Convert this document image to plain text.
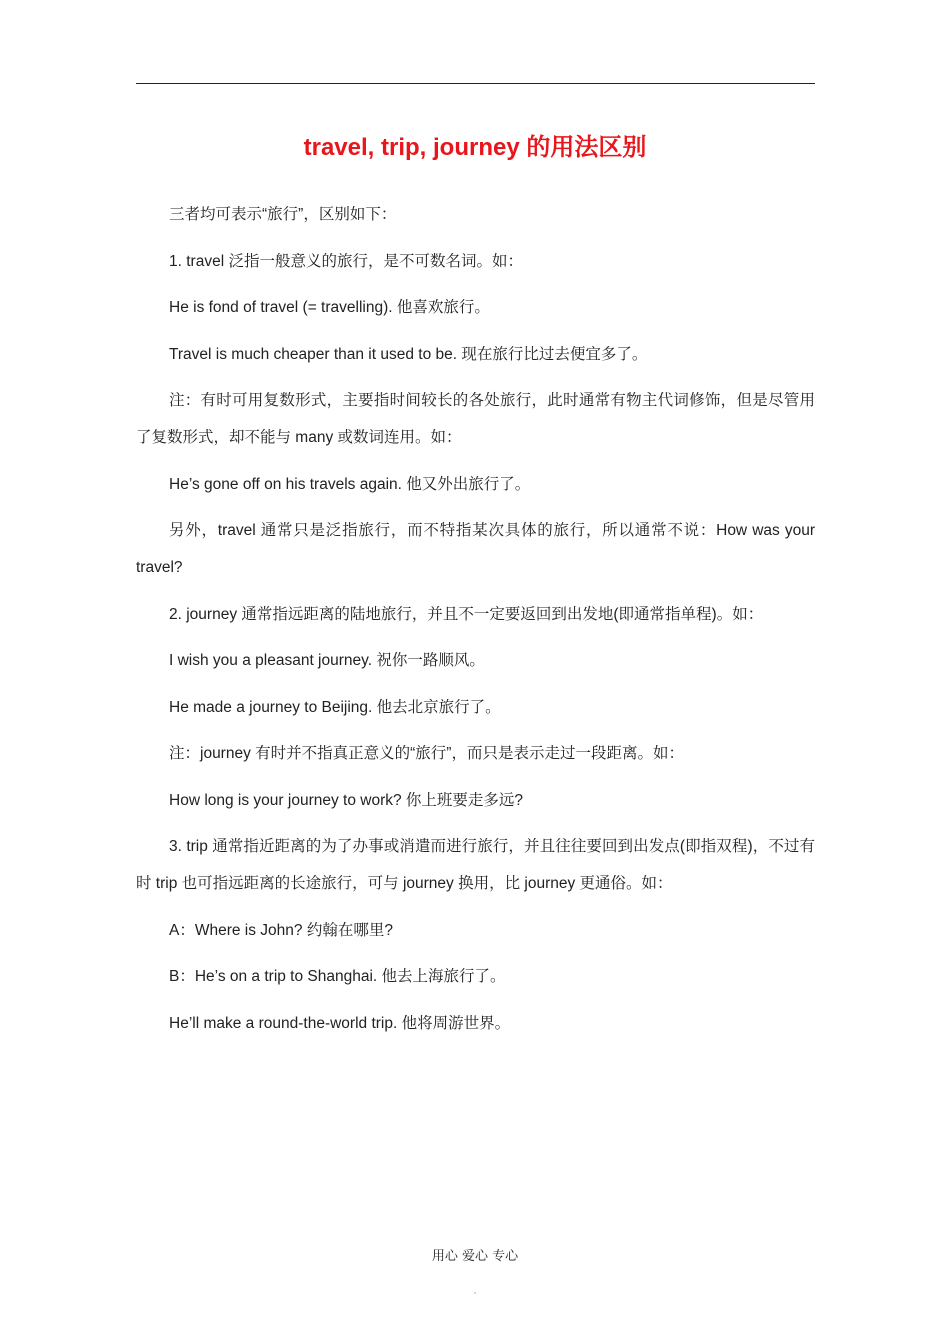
travel, trip, journey 的用法区别

三者均可表示“旅行”，区别如下：

1. travel 泛指一般意义的旅行，是不可数名词。如：

He is fond of travel (= travelling). 他喜欢旅行。

Travel is much cheaper than it used to be. 现在旅行比过去便宜多了。

注：有时可用复数形式，主要指时间较长的各处旅行，此时通常有物主代词修饰，但是尽管用了复数形式，却不能与 many 或数词连用。如：

He’s gone off on his travels again. 他又外出旅行了。

另外，travel 通常只是泛指旅行，而不特指某次具体的旅行，所以通常不说：How was your travel?

2. journey 通常指远距离的陆地旅行，并且不一定要返回到出发地(即通常指单程)。如：

I wish you a pleasant journey. 祝你一路顺风。

He made a journey to Beijing. 他去北京旅行了。

注：journey 有时并不指真正意义的“旅行”，而只是表示走过一段距离。如：

How long is your journey to work? 你上班要走多远?

3. trip 通常指近距离的为了办事或消遣而进行旅行，并且往往要回到出发点(即指双程)，不过有时 trip 也可指远距离的长途旅行，可与 journey 换用，比 journey 更通俗。如：

A：Where is John? 约翰在哪里?

B：He’s on a trip to Shanghai. 他去上海旅行了。

He’ll make a round-the-world trip. 他将周游世界。

用心 爱心 专心
